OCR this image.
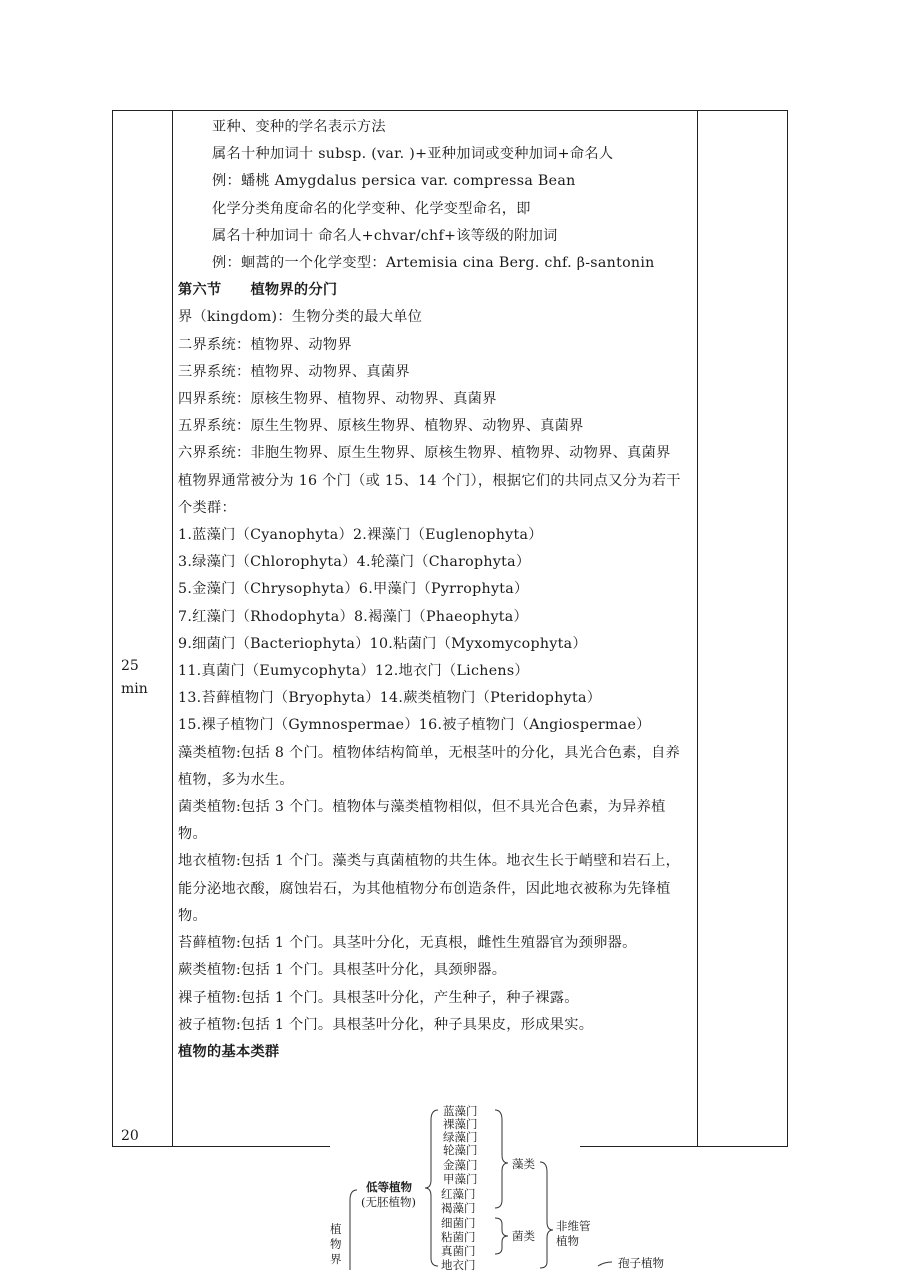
25
min
20

亚种、变种的学名表示方法

属名十种加词十 subsp. (var. )+亚种加词或变种加词+命名人

例：蟠桃 Amygdalus persica var. compressa Bean

化学分类角度命名的化学变种、化学变型命名，即

属名十种加词十 命名人+chvar/chf+该等级的附加词

例：蛔蒿的一个化学变型：Artemisia cina Berg. chf. β-santonin

第六节　　植物界的分门

界（kingdom)：生物分类的最大单位

二界系统：植物界、动物界

三界系统：植物界、动物界、真菌界

四界系统：原核生物界、植物界、动物界、真菌界

五界系统：原生生物界、原核生物界、植物界、动物界、真菌界

六界系统：非胞生物界、原生生物界、原核生物界、植物界、动物界、真菌界

植物界通常被分为 16 个门（或 15、14 个门），根据它们的共同点又分为若干个类群：

1.蓝藻门（Cyanophyta）2.裸藻门（Euglenophyta）

3.绿藻门（Chlorophyta）4.轮藻门（Charophyta）

5.金藻门（Chrysophyta）6.甲藻门（Pyrrophyta）

7.红藻门（Rhodophyta）8.褐藻门（Phaeophyta）

9.细菌门（Bacteriophyta）10.粘菌门（Myxomycophyta）

11.真菌门（Eumycophyta）12.地衣门（Lichens）

13.苔藓植物门（Bryophyta）14.蕨类植物门（Pteridophyta）

15.裸子植物门（Gymnospermae）16.被子植物门（Angiospermae）

藻类植物:包括 8 个门。植物体结构简单，无根茎叶的分化，具光合色素，自养植物，多为水生。

菌类植物:包括 3 个门。植物体与藻类植物相似，但不具光合色素，为异养植物。

地衣植物:包括 1 个门。藻类与真菌植物的共生体。地衣生长于峭壁和岩石上，能分泌地衣酸，腐蚀岩石，为其他植物分布创造条件，因此地衣被称为先锋植物。

苔藓植物:包括 1 个门。具茎叶分化，无真根，雌性生殖器官为颈卵器。

蕨类植物:包括 1 个门。具根茎叶分化，具颈卵器。

裸子植物:包括 1 个门。具根茎叶分化，产生种子，种子裸露。

被子植物:包括 1 个门。具根茎叶分化，种子具果皮，形成果实。

植物的基本类群

蓝藻门
裸藻门
绿藻门
轮藻门
金藻门
甲藻门
红藻门
褐藻门
细菌门
粘菌门
真菌门
地衣门
藻类
菌类
低等植物
(无胚植物)
植
物
界
非维管
植物
孢子植物
